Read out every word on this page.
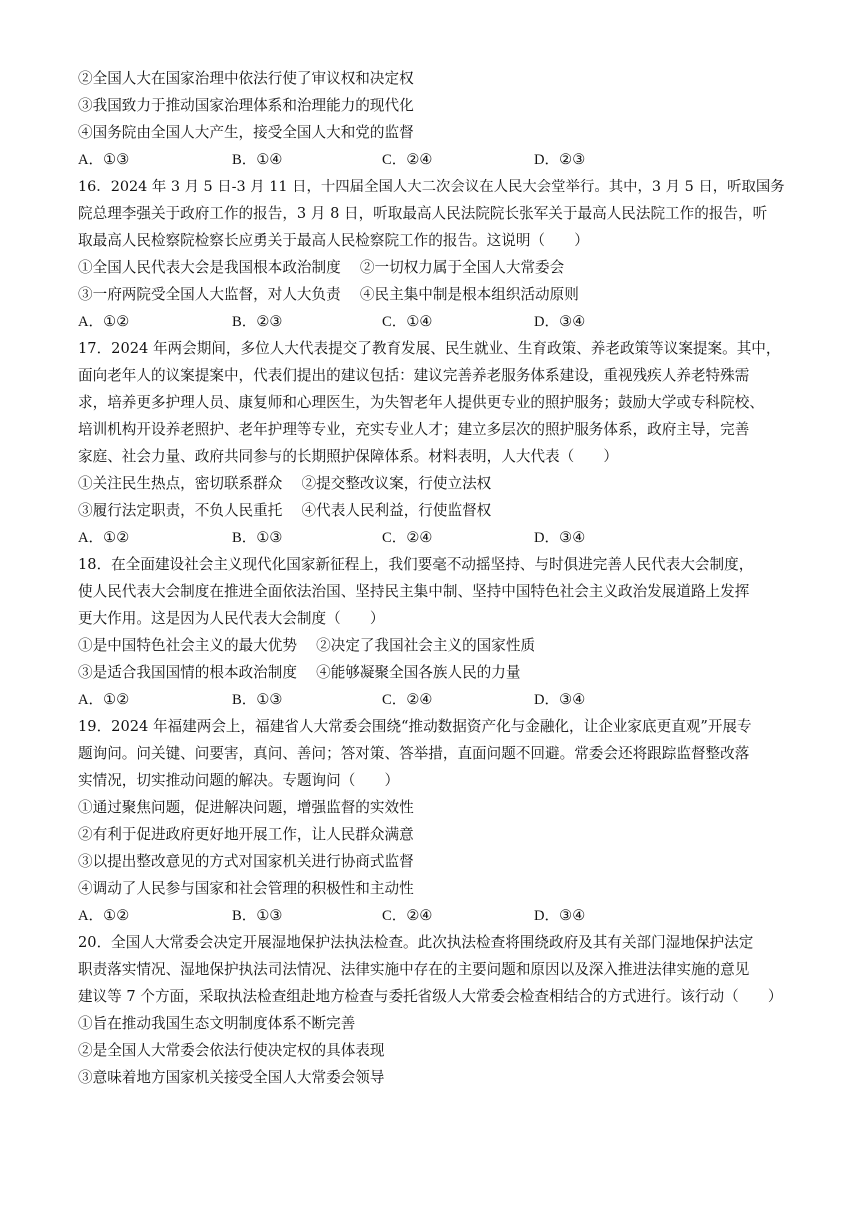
②全国人大在国家治理中依法行使了审议权和决定权
③我国致力于推动国家治理体系和治理能力的现代化
④国务院由全国人大产生，接受全国人大和党的监督
A．①③	B．①④	C．②④	D．②③
16．2024 年 3 月 5 日-3 月 11 日，十四届全国人大二次会议在人民大会堂举行。其中，3 月 5 日，听取国务
院总理李强关于政府工作的报告，3 月 8 日，听取最高人民法院院长张军关于最高人民法院工作的报告，听
取最高人民检察院检察长应勇关于最高人民检察院工作的报告。这说明（　　）
①全国人民代表大会是我国根本政治制度　 ②一切权力属于全国人大常委会
③一府两院受全国人大监督，对人大负责　 ④民主集中制是根本组织活动原则
A．①②	B．②③	C．①④	D．③④
17．2024 年两会期间，多位人大代表提交了教育发展、民生就业、生育政策、养老政策等议案提案。其中，
面向老年人的议案提案中，代表们提出的建议包括：建议完善养老服务体系建设，重视残疾人养老特殊需
求，培养更多护理人员、康复师和心理医生，为失智老年人提供更专业的照护服务；鼓励大学或专科院校、
培训机构开设养老照护、老年护理等专业，充实专业人才；建立多层次的照护服务体系，政府主导，完善
家庭、社会力量、政府共同参与的长期照护保障体系。材料表明，人大代表（　　）
①关注民生热点，密切联系群众　 ②提交整改议案，行使立法权
③履行法定职责，不负人民重托　 ④代表人民利益，行使监督权
A．①②	B．①③	C．②④	D．③④
18．在全面建设社会主义现代化国家新征程上，我们要毫不动摇坚持、与时俱进完善人民代表大会制度，
使人民代表大会制度在推进全面依法治国、坚持民主集中制、坚持中国特色社会主义政治发展道路上发挥
更大作用。这是因为人民代表大会制度（　　）
①是中国特色社会主义的最大优势　 ②决定了我国社会主义的国家性质
③是适合我国国情的根本政治制度　 ④能够凝聚全国各族人民的力量
A．①②	B．①③	C．②④	D．③④
19．2024 年福建两会上，福建省人大常委会围绕“推动数据资产化与金融化，让企业家底更直观”开展专
题询问。问关键、问要害，真问、善问；答对策、答举措，直面问题不回避。常委会还将跟踪监督整改落
实情况，切实推动问题的解决。专题询问（　　）
①通过聚焦问题，促进解决问题，增强监督的实效性
②有利于促进政府更好地开展工作，让人民群众满意
③以提出整改意见的方式对国家机关进行协商式监督
④调动了人民参与国家和社会管理的积极性和主动性
A．①②	B．①③	C．②④	D．③④
20．全国人大常委会决定开展湿地保护法执法检查。此次执法检查将围绕政府及其有关部门湿地保护法定
职责落实情况、湿地保护执法司法情况、法律实施中存在的主要问题和原因以及深入推进法律实施的意见
建议等 7 个方面，采取执法检查组赴地方检查与委托省级人大常委会检查相结合的方式进行。该行动（　　）
①旨在推动我国生态文明制度体系不断完善
②是全国人大常委会依法行使决定权的具体表现
③意味着地方国家机关接受全国人大常委会领导
